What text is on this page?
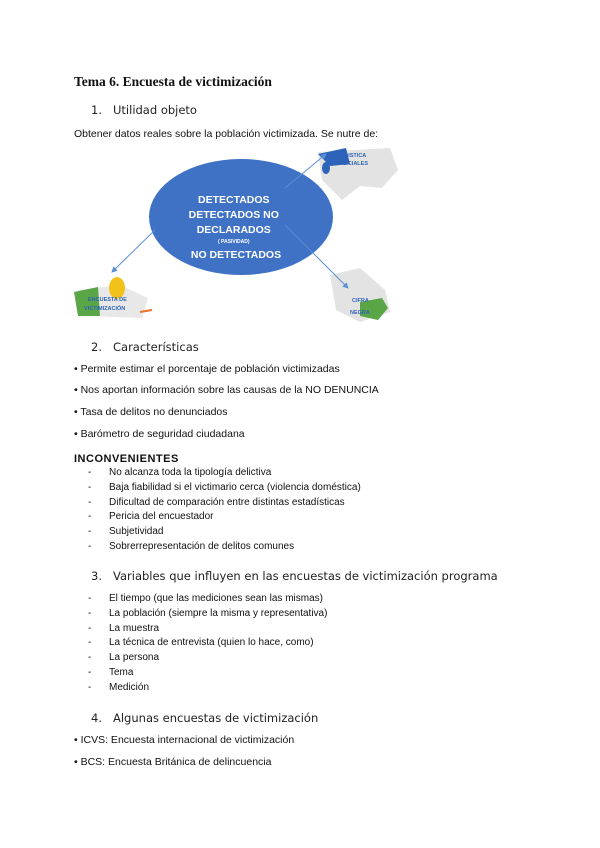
Tema 6. Encuesta de victimización
1. Utilidad objeto
Obtener datos reales sobre la población victimizada. Se nutre de:
DETECTADOS DETECTADOS NO DECLARADOS ( PASIVIDAD) NO DETECTADOS
ESTADISTICA POLICIALES
ENCUESTA DE VICTIMIZACIÓN
CIFRA NEGRA
2. Características
• Permite estimar el porcentaje de población victimizadas
• Nos aportan información sobre las causas de la NO DENUNCIA
• Tasa de delitos no denunciados
• Barómetro de seguridad ciudadana
INCONVENIENTES
- No alcanza toda la tipología delictiva
- Baja fiabilidad si el victimario cerca (violencia doméstica)
- Dificultad de comparación entre distintas estadísticas
- Pericia del encuestador
- Subjetividad
- Sobrerrepresentación de delitos comunes
3. Variables que influyen en las encuestas de victimización programa
- El tiempo (que las mediciones sean las mismas)
- La población (siempre la misma y representativa)
- La muestra
- La técnica de entrevista (quien lo hace, como)
- La persona
- Tema
- Medición
4. Algunas encuestas de victimización
• ICVS: Encuesta internacional de victimización
• BCS: Encuesta Británica de delincuencia
